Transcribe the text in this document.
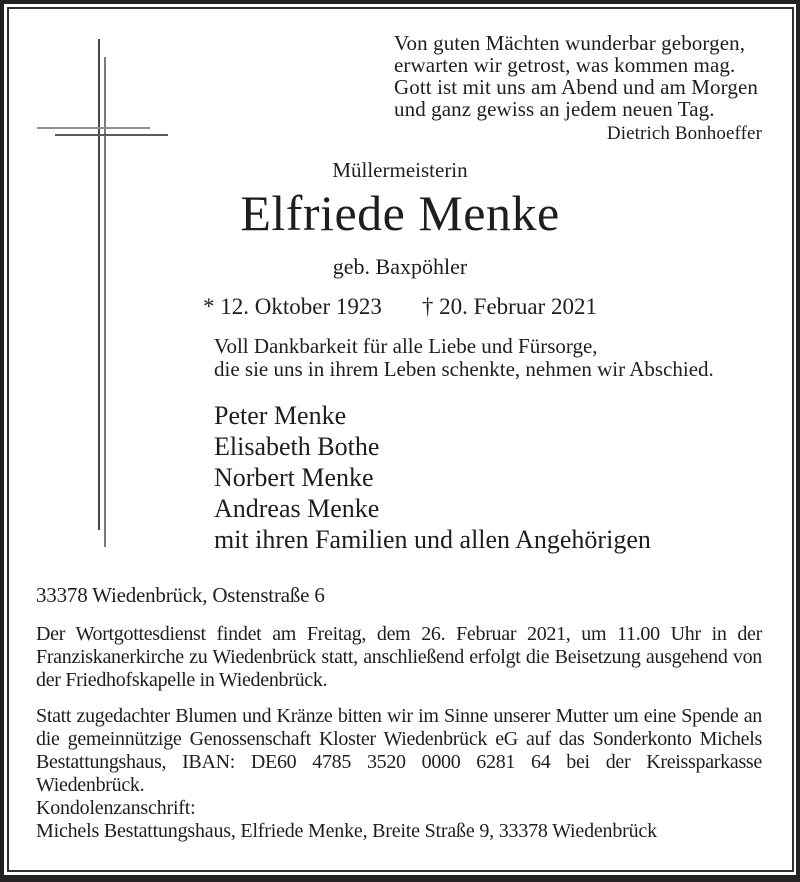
Von guten Mächten wunderbar geborgen,
erwarten wir getrost, was kommen mag.
Gott ist mit uns am Abend und am Morgen
und ganz gewiss an jedem neuen Tag.
Dietrich Bonhoeffer
Müllermeisterin
Elfriede Menke
geb. Baxpöhler
* 12. Oktober 1923 † 20. Februar 2021
Voll Dankbarkeit für alle Liebe und Fürsorge,
die sie uns in ihrem Leben schenkte, nehmen wir Abschied.
Peter Menke
Elisabeth Bothe
Norbert Menke
Andreas Menke
mit ihren Familien und allen Angehörigen
33378 Wiedenbrück, Ostenstraße 6
Der Wortgottesdienst findet am Freitag, dem 26. Februar 2021, um 11.00 Uhr in der Franziskanerkirche zu Wiedenbrück statt, anschließend erfolgt die Beisetzung ausgehend von der Friedhofskapelle in Wiedenbrück.
Statt zugedachter Blumen und Kränze bitten wir im Sinne unserer Mutter um eine Spende an die gemeinnützige Genossenschaft Kloster Wiedenbrück eG auf das Sonderkonto Michels Bestattungshaus, IBAN: DE60 4785 3520 0000 6281 64 bei der Kreissparkasse Wiedenbrück.
Kondolenzanschrift:
Michels Bestattungshaus, Elfriede Menke, Breite Straße 9, 33378 Wiedenbrück
